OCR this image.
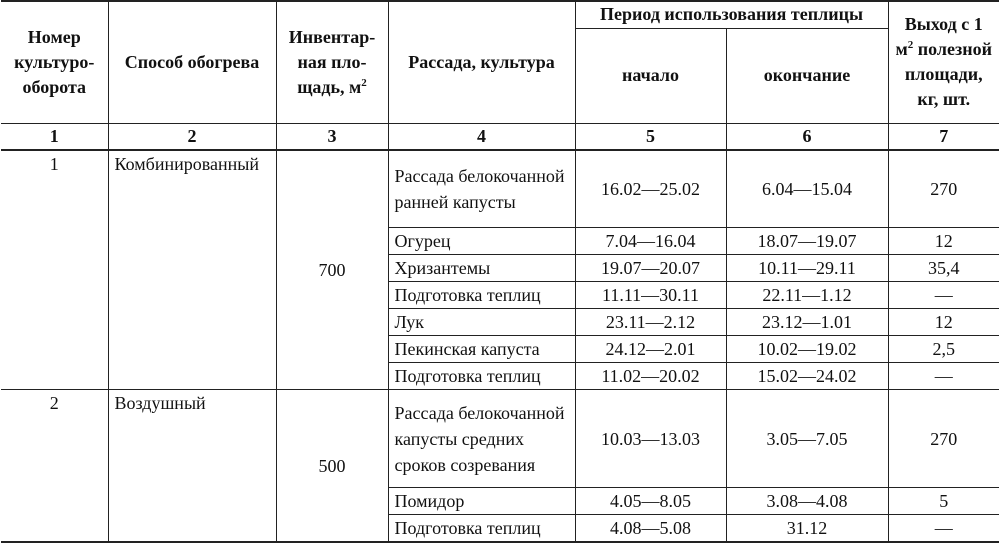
Номер культурооборота	Способ обогрева	Инвентарная площадь, $м^2$	Рассада, культура	Период использования теплицы		Выход с 1 $м^2$ полезной площади, кг, шт.
				начало	окончание	
1	2	3	4	5	6	7
1	Комбинированный	700	Рассада белокочанной ранней капусты	16.02—25.02	6.04—15.04	270
			Огурец	7.04—16.04	18.07—19.07	12
			Хризантемы	19.07—20.07	10.11—29.11	35,4
			Подготовка теплиц	11.11—30.11	22.11—1.12	—
			Лук	23.11—2.12	23.12—1.01	12
			Пекинская капуста	24.12—2.01	10.02—19.02	2,5
			Подготовка теплиц	11.02—20.02	15.02—24.02	—
2	Воздушный	500	Рассада белокочанной капусты средних сроков созревания	10.03—13.03	3.05—7.05	270
			Помидор	4.05—8.05	3.08—4.08	5
			Подготовка теплиц	4.08—5.08	31.12	—
